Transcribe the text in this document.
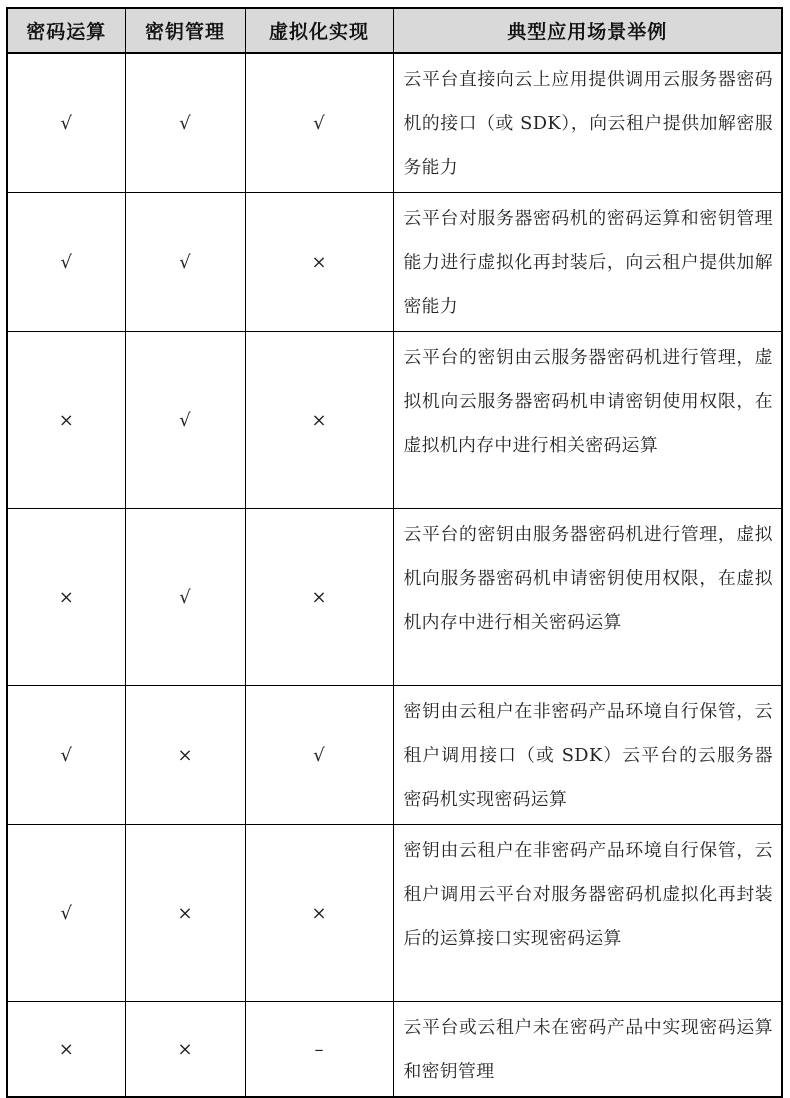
密码运算	密钥管理	虚拟化实现	典型应用场景举例
√	√	√	云平台直接向云上应用提供调用云服务器密码机的接口（或 SDK），向云租户提供加解密服务能力
√	√	×	云平台对服务器密码机的密码运算和密钥管理能力进行虚拟化再封装后，向云租户提供加解密能力
×	√	×	云平台的密钥由云服务器密码机进行管理，虚拟机向云服务器密码机申请密钥使用权限，在虚拟机内存中进行相关密码运算
×	√	×	云平台的密钥由服务器密码机进行管理，虚拟机向服务器密码机申请密钥使用权限，在虚拟机内存中进行相关密码运算
√	×	√	密钥由云租户在非密码产品环境自行保管，云租户调用接口（或 SDK）云平台的云服务器密码机实现密码运算
√	×	×	密钥由云租户在非密码产品环境自行保管，云租户调用云平台对服务器密码机虚拟化再封装后的运算接口实现密码运算
×	×	–	云平台或云租户未在密码产品中实现密码运算和密钥管理
